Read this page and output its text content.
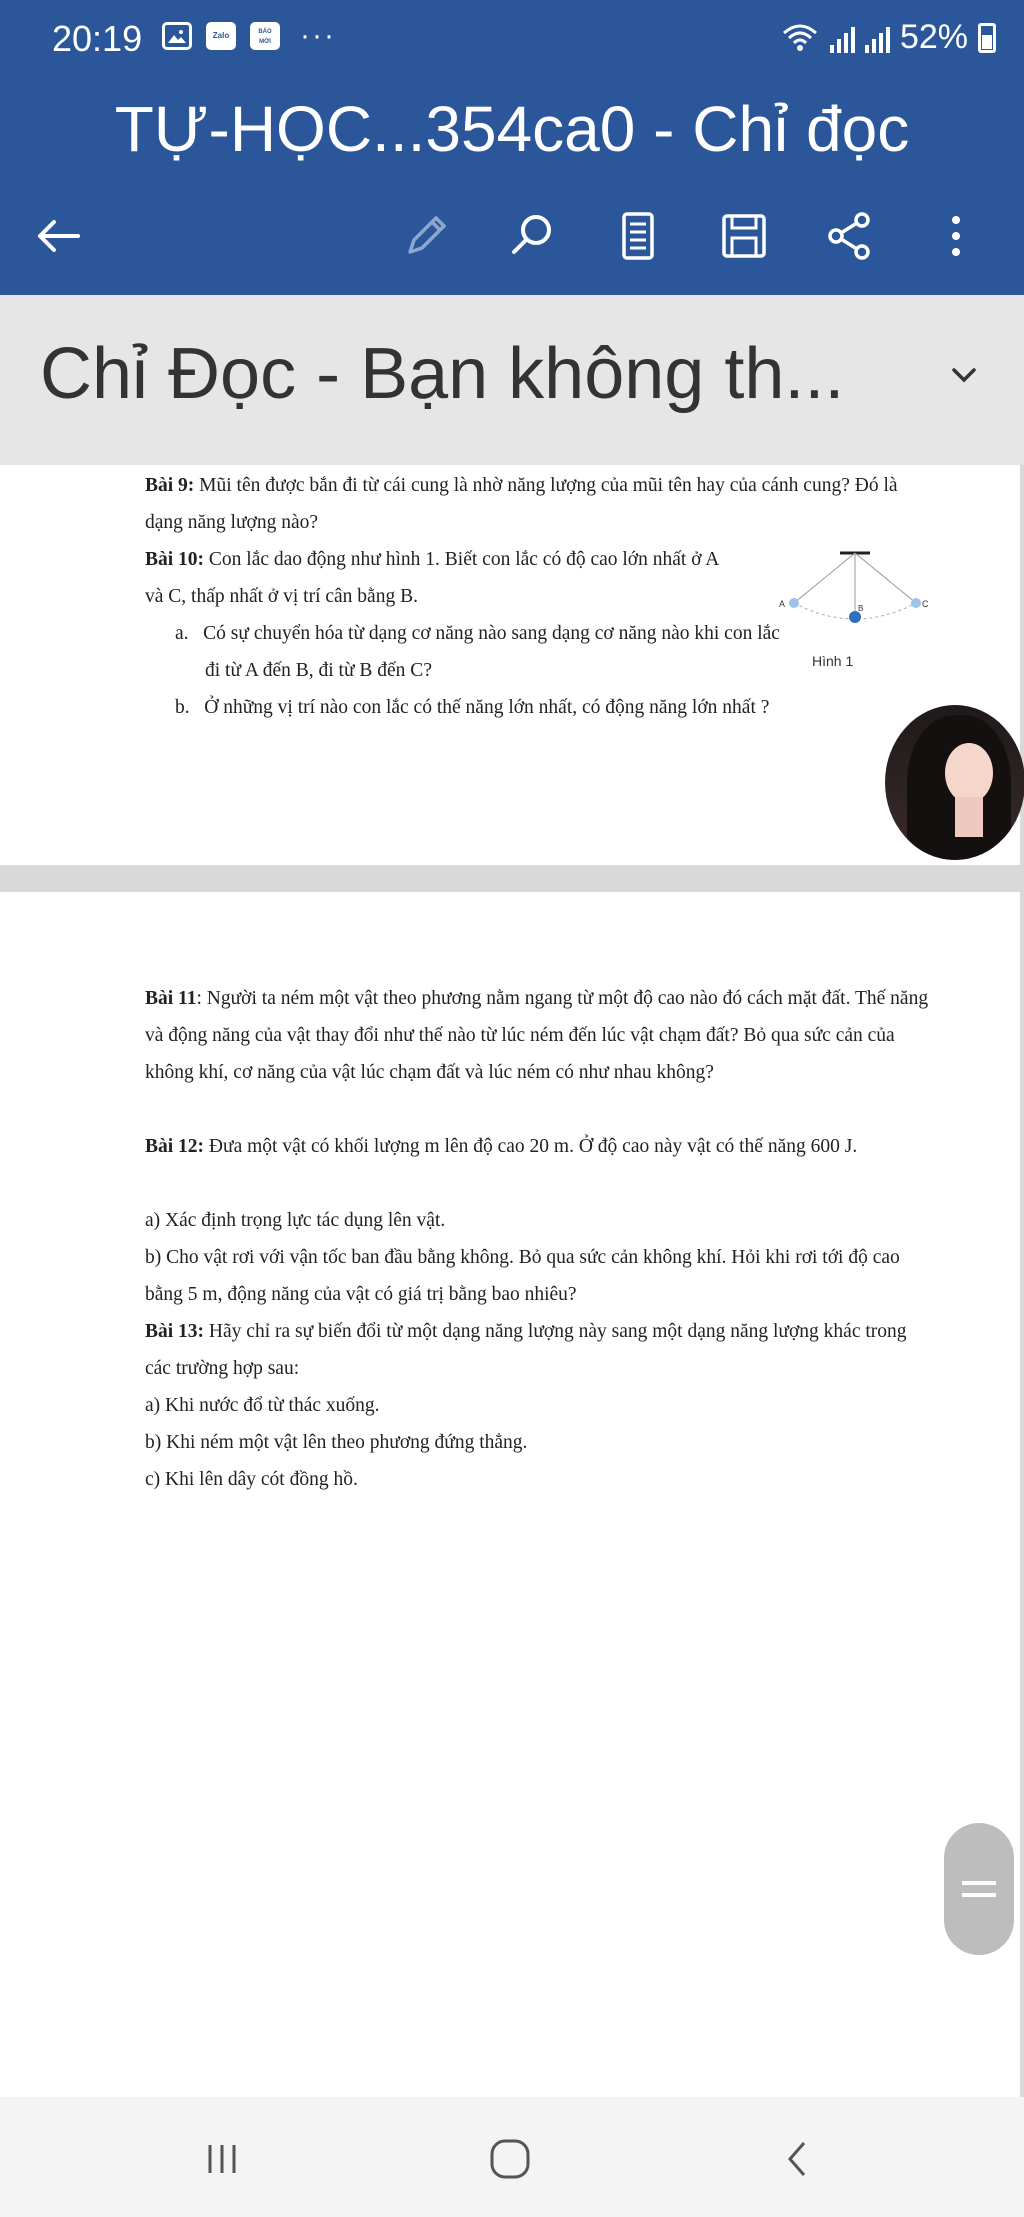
20:19	Zalo	BÁO MỚI ···	52%
TỰ-HỌC...354ca0 - Chỉ đọc
Chỉ Đọc - Bạn không th...
Bài 9: Mũi tên được bắn đi từ cái cung là nhờ năng lượng của mũi tên hay của cánh cung? Đó là dạng năng lượng nào?
Bài 10: Con lắc dao động như hình 1. Biết con lắc có độ cao lớn nhất ở A và C, thấp nhất ở vị trí cân bằng B.
a.   Có sự chuyển hóa từ dạng cơ năng nào sang dạng cơ năng nào khi con lắc đi từ A đến B, đi từ B đến C?
b.   Ở những vị trí nào con lắc có thế năng lớn nhất, có động năng lớn nhất ?
A	B	C
Hình 1
Bài 11: Người ta ném một vật theo phương nằm ngang từ một độ cao nào đó cách mặt đất. Thế năng và động năng của vật thay đổi như thế nào từ lúc ném đến lúc vật chạm đất? Bỏ qua sức cản của không khí, cơ năng của vật lúc chạm đất và lúc ném có như nhau không?
Bài 12: Đưa một vật có khối lượng m lên độ cao 20 m. Ở độ cao này vật có thế năng 600 J.
a) Xác định trọng lực tác dụng lên vật.
b) Cho vật rơi với vận tốc ban đầu bằng không. Bỏ qua sức cản không khí. Hỏi khi rơi tới độ cao bằng 5 m, động năng của vật có giá trị bằng bao nhiêu?
Bài 13: Hãy chỉ ra sự biến đổi từ một dạng năng lượng này sang một dạng năng lượng khác trong các trường hợp sau:
a) Khi nước đổ từ thác xuống.
b) Khi ném một vật lên theo phương đứng thẳng.
c) Khi lên dây cót đồng hồ.
